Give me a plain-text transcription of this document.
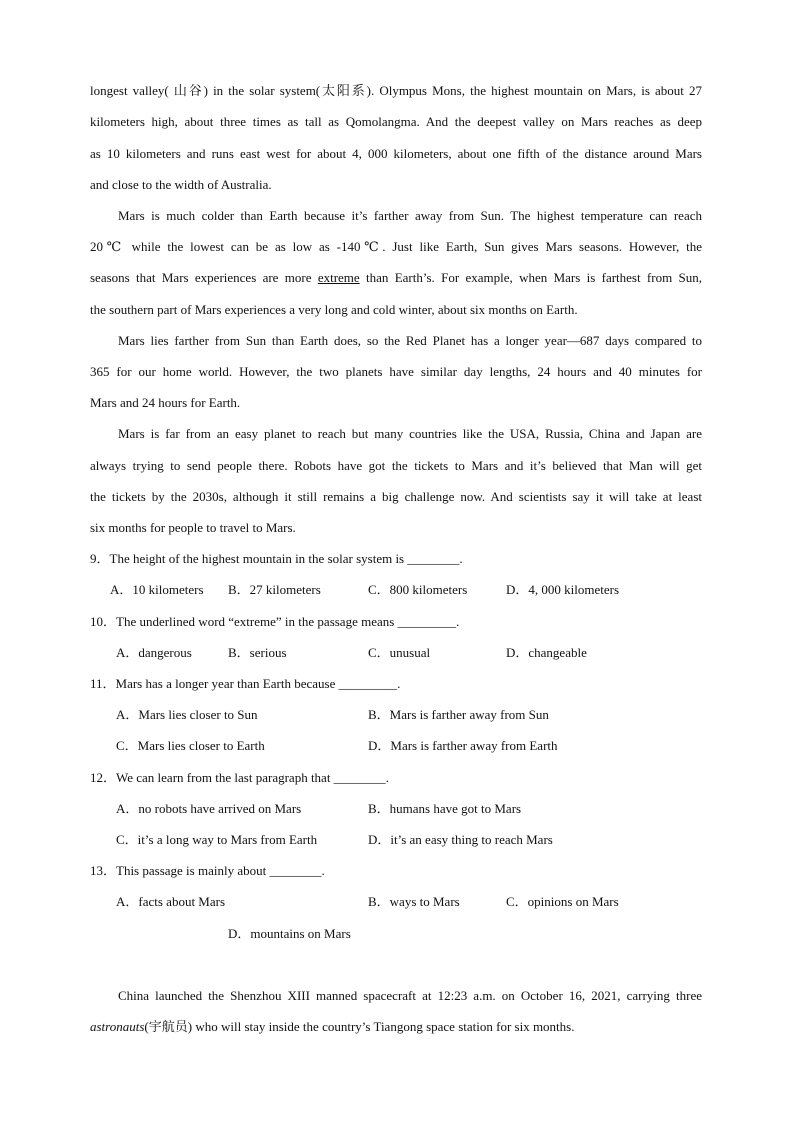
longest valley( 山谷) in the solar system(太阳系). Olympus Mons, the highest mountain on Mars, is about 27
kilometers high, about three times as tall as Qomolangma. And the deepest valley on Mars reaches as deep
as 10 kilometers and runs east west for about 4, 000 kilometers, about one fifth of the distance around Mars
and close to the width of Australia.
Mars is much colder than Earth because it’s farther away from Sun. The highest temperature can reach
20℃ while the lowest can be as low as -140℃. Just like Earth, Sun gives Mars seasons. However, the
seasons that Mars experiences are more extreme than Earth’s. For example, when Mars is farthest from Sun,
the southern part of Mars experiences a very long and cold winter, about six months on Earth.
Mars lies farther from Sun than Earth does, so the Red Planet has a longer year—687 days compared to
365 for our home world. However, the two planets have similar day lengths, 24 hours and 40 minutes for
Mars and 24 hours for Earth.
Mars is far from an easy planet to reach but many countries like the USA, Russia, China and Japan are
always trying to send people there. Robots have got the tickets to Mars and it’s believed that Man will get
the tickets by the 2030s, although it still remains a big challenge now. And scientists say it will take at least
six months for people to travel to Mars.
9．The height of the highest mountain in the solar system is ________.
A．10 kilometers B．27 kilometers	C．800 kilometers	D．4, 000 kilometers
10．The underlined word “extreme” in the passage means _________.
A．dangerous	B．serious	C．unusual	D．changeable
11．Mars has a longer year than Earth because _________.
A．Mars lies closer to Sun	B．Mars is farther away from Sun
C．Mars lies closer to Earth	D．Mars is farther away from Earth
12．We can learn from the last paragraph that ________.
A．no robots have arrived on Mars	B．humans have got to Mars
C．it’s a long way to Mars from Earth	D．it’s an easy thing to reach Mars
13．This passage is mainly about ________.
A．facts about Mars	B．ways to Mars	C．opinions on Mars
D．mountains on Mars
China launched the Shenzhou XIII manned spacecraft at 12:23 a.m. on October 16, 2021, carrying three
astronauts(宇航员) who will stay inside the country’s Tiangong space station for six months.
